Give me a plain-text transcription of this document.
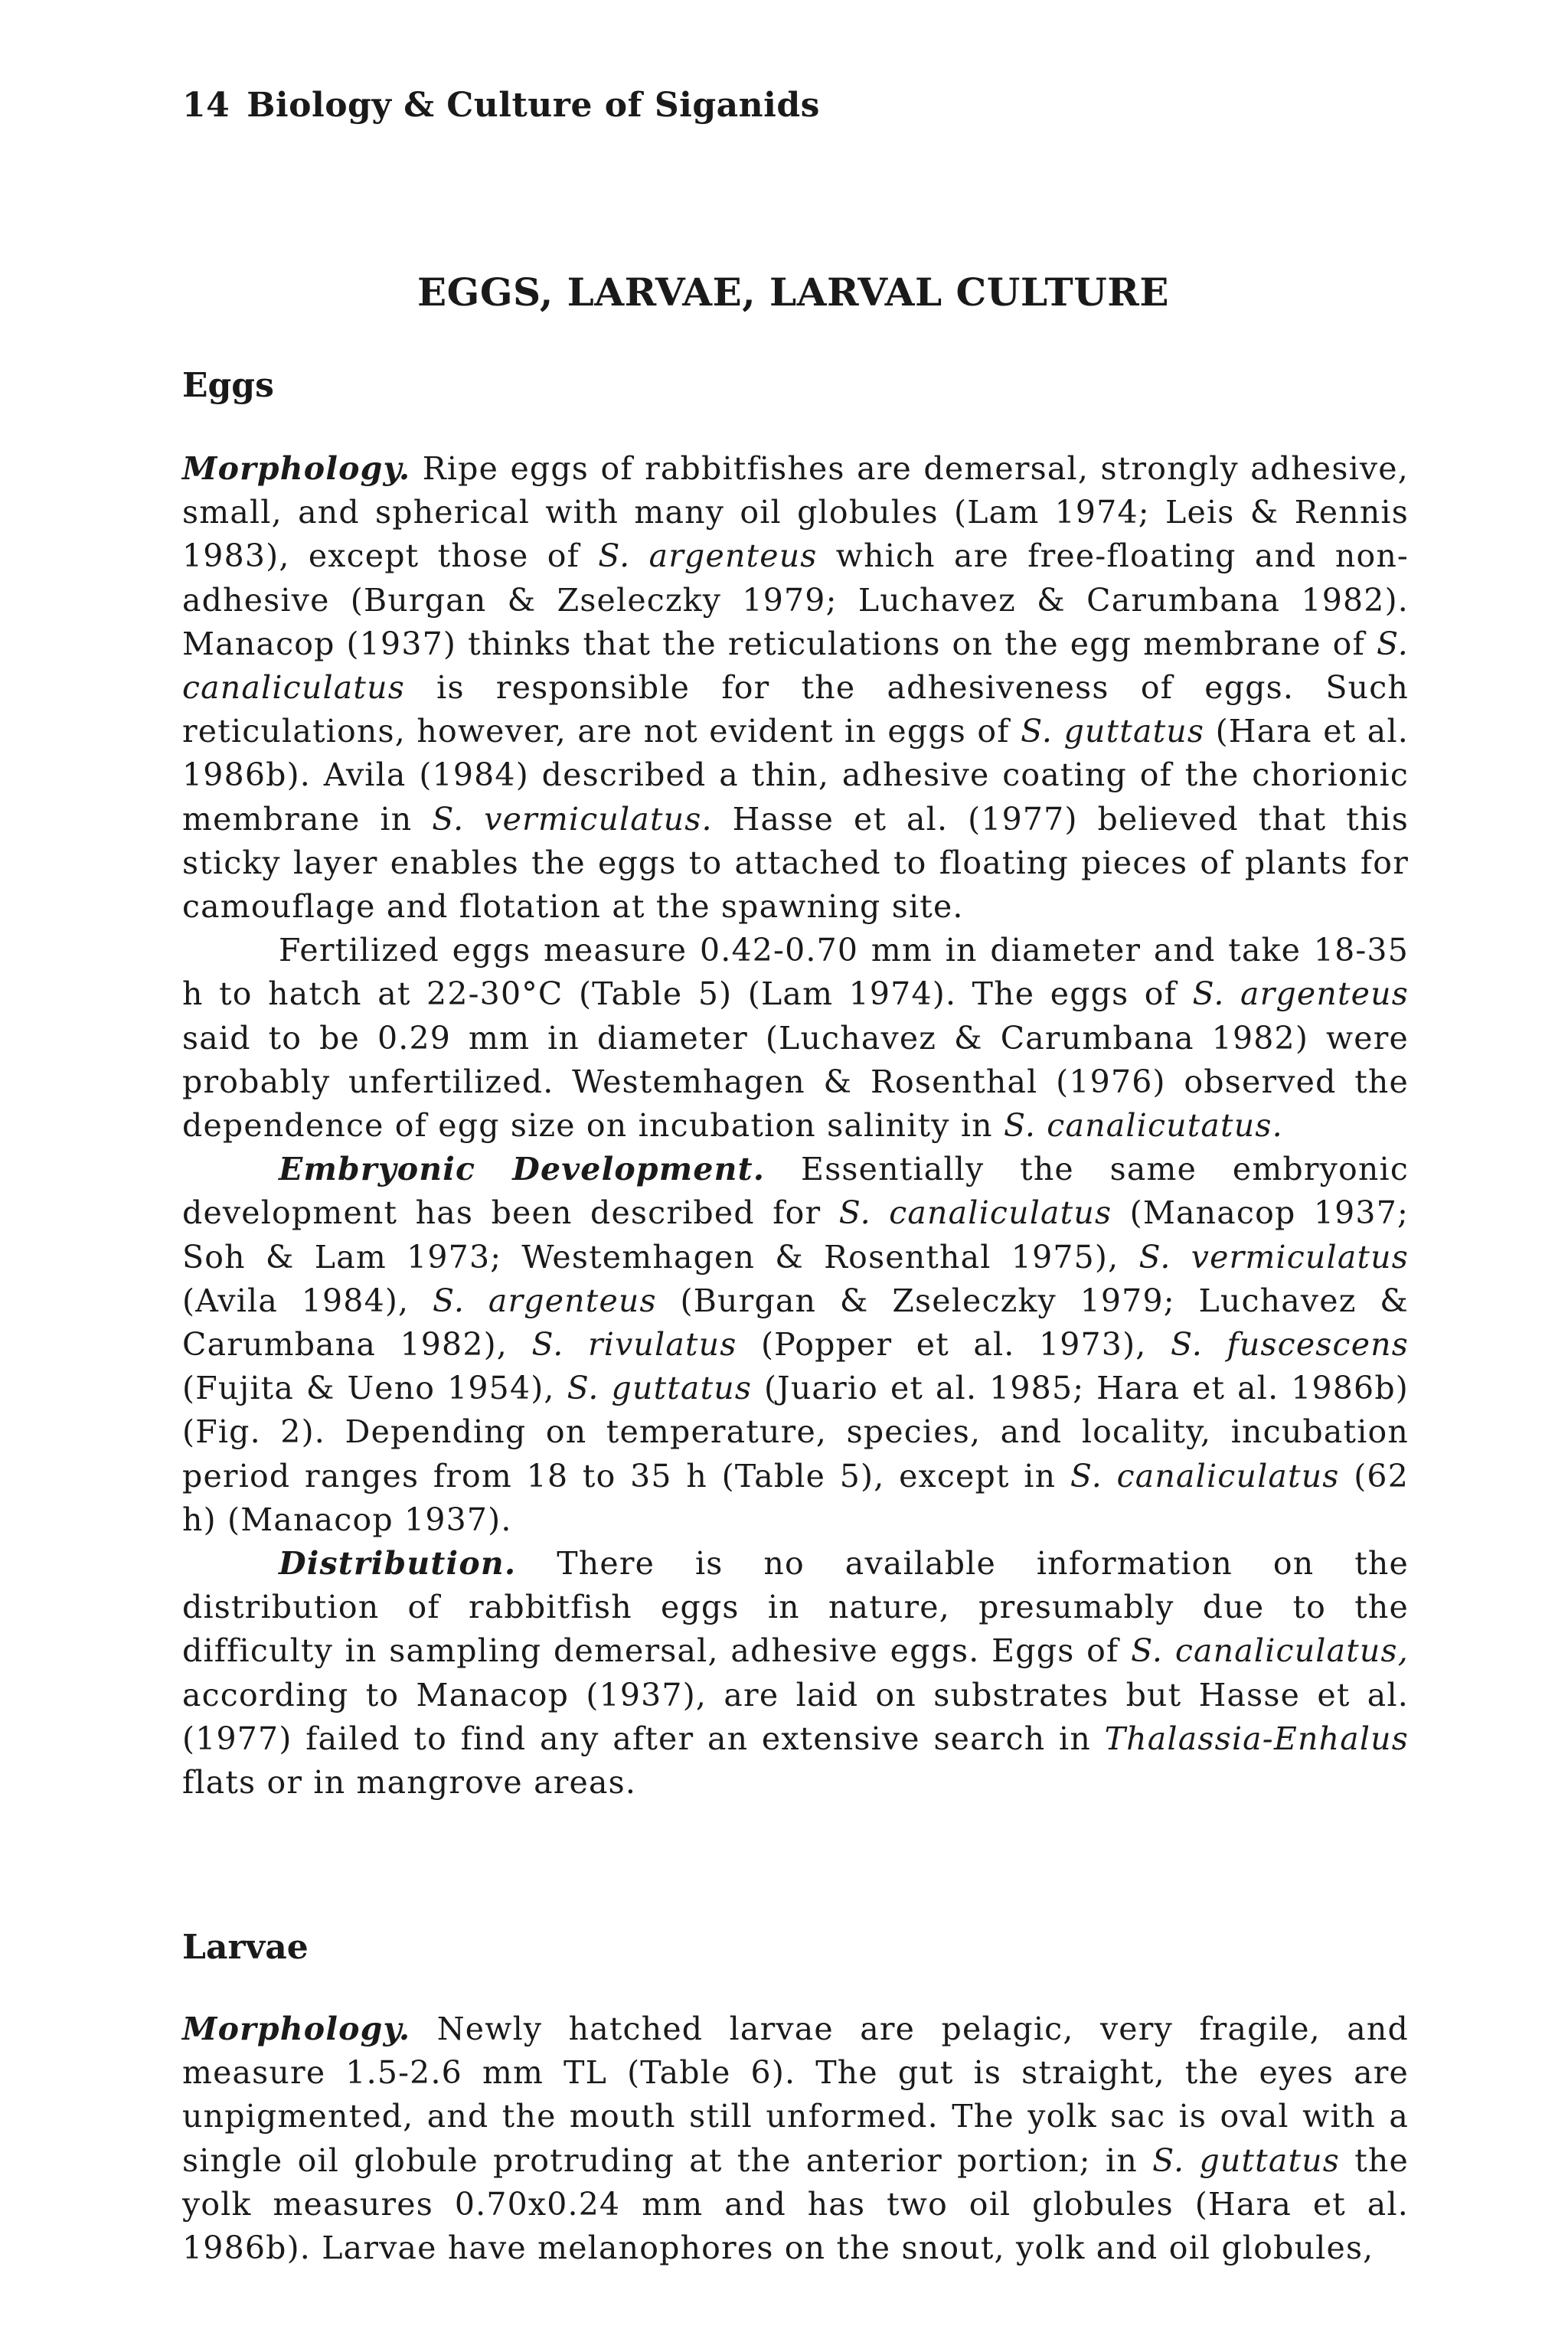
14 Biology & Culture of Siganids
EGGS, LARVAE, LARVAL CULTURE
Eggs

Morphology. Ripe eggs of rabbitfishes are demersal, strongly adhesive, small, and spherical with many oil globules (Lam 1974; Leis & Rennis 1983), except those of S. argenteus which are free-floating and non-adhesive (Burgan & Zseleczky 1979; Luchavez & Carumbana 1982). Manacop (1937) thinks that the reticulations on the egg membrane of S. canaliculatus is responsible for the adhesiveness of eggs. Such reticulations, however, are not evident in eggs of S. guttatus (Hara et al. 1986b). Avila (1984) described a thin, adhesive coating of the chorionic membrane in S. vermiculatus. Hasse et al. (1977) believed that this sticky layer enables the eggs to attached to floating pieces of plants for camouflage and flotation at the spawning site.

Fertilized eggs measure 0.42-0.70 mm in diameter and take 18-35 h to hatch at 22-30°C (Table 5) (Lam 1974). The eggs of S. argenteus said to be 0.29 mm in diameter (Luchavez & Carumbana 1982) were probably unfertilized. Westemhagen & Rosenthal (1976) observed the dependence of egg size on incubation salinity in S. canalicutatus.

Embryonic Development. Essentially the same embryonic development has been described for S. canaliculatus (Manacop 1937; Soh & Lam 1973; Westemhagen & Rosenthal 1975), S. vermiculatus (Avila 1984), S. argenteus (Burgan & Zseleczky 1979; Luchavez & Carumbana 1982), S. rivulatus (Popper et al. 1973), S. fuscescens (Fujita & Ueno 1954), S. guttatus (Juario et al. 1985; Hara et al. 1986b) (Fig. 2). Depending on temperature, species, and locality, incubation period ranges from 18 to 35 h (Table 5), except in S. canaliculatus (62 h) (Manacop 1937).

Distribution. There is no available information on the distribution of rabbitfish eggs in nature, presumably due to the difficulty in sampling demersal, adhesive eggs. Eggs of S. canaliculatus, according to Manacop (1937), are laid on substrates but Hasse et al. (1977) failed to find any after an extensive search in Thalassia-Enhalus flats or in mangrove areas.

Larvae

Morphology. Newly hatched larvae are pelagic, very fragile, and measure 1.5-2.6 mm TL (Table 6). The gut is straight, the eyes are unpigmented, and the mouth still unformed. The yolk sac is oval with a single oil globule protruding at the anterior portion; in S. guttatus the yolk measures 0.70x0.24 mm and has two oil globules (Hara et al. 1986b). Larvae have melanophores on the snout, yolk and oil globules,
